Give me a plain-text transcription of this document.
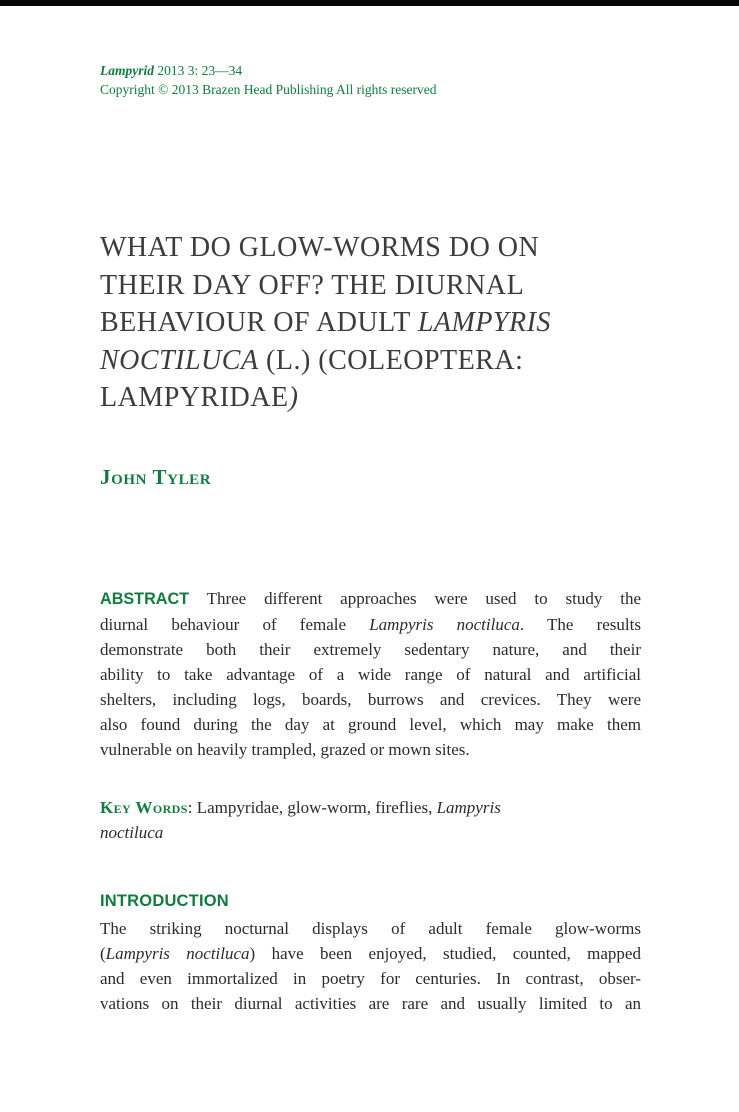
Lampyrid 2013 3: 23—34
Copyright © 2013 Brazen Head Publishing All rights reserved
WHAT DO GLOW-WORMS DO ON
THEIR DAY OFF? THE DIURNAL
BEHAVIOUR OF ADULT LAMPYRIS
NOCTILUCA (L.) (COLEOPTERA:
LAMPYRIDAE)
John Tyler
ABSTRACT Three different approaches were used to study the
diurnal behaviour of female Lampyris noctiluca. The results
demonstrate both their extremely sedentary nature, and their
ability to take advantage of a wide range of natural and artificial
shelters, including logs, boards, burrows and crevices. They were
also found during the day at ground level, which may make them
vulnerable on heavily trampled, grazed or mown sites.
Key Words: Lampyridae, glow-worm, fireflies, Lampyris
noctiluca
INTRODUCTION
The striking nocturnal displays of adult female glow-worms
(Lampyris noctiluca) have been enjoyed, studied, counted, mapped
and even immortalized in poetry for centuries. In contrast, obser-
vations on their diurnal activities are rare and usually limited to an
